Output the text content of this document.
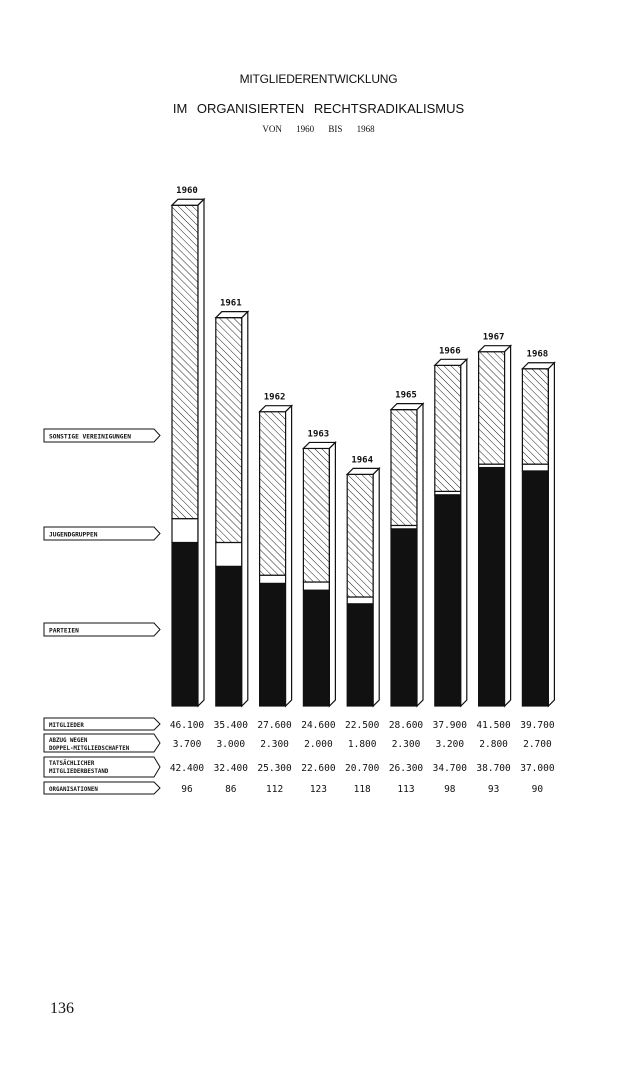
MITGLIEDERENTWICKLUNG
IM ORGANISIERTEN RECHTSRADIKALISMUS
VON 1960 BIS 1968
PARTEIEN
JUGENDGRUPPEN
SONSTIGE VEREINIGUNGEN
1960
1961
1962
1963
1964
1965
1966
1967
1968
MITGLIEDER	46.100 35.400 27.600 24.600 22.500 28.600 37.900 41.500 39.700
ABZUG WEGEN
DOPPEL-MITGLIEDSCHAFTEN	3.700 3.000 2.300 2.000 1.800 2.300 3.200 2.800 2.700
TATSÄCHLICHER
MITGLIEDERBESTAND	42.400 32.400 25.300 22.600 20.700 26.300 34.700 38.700 37.000
ORGANISATIONEN	96	86	112	123	118	113	98	93	90
136
